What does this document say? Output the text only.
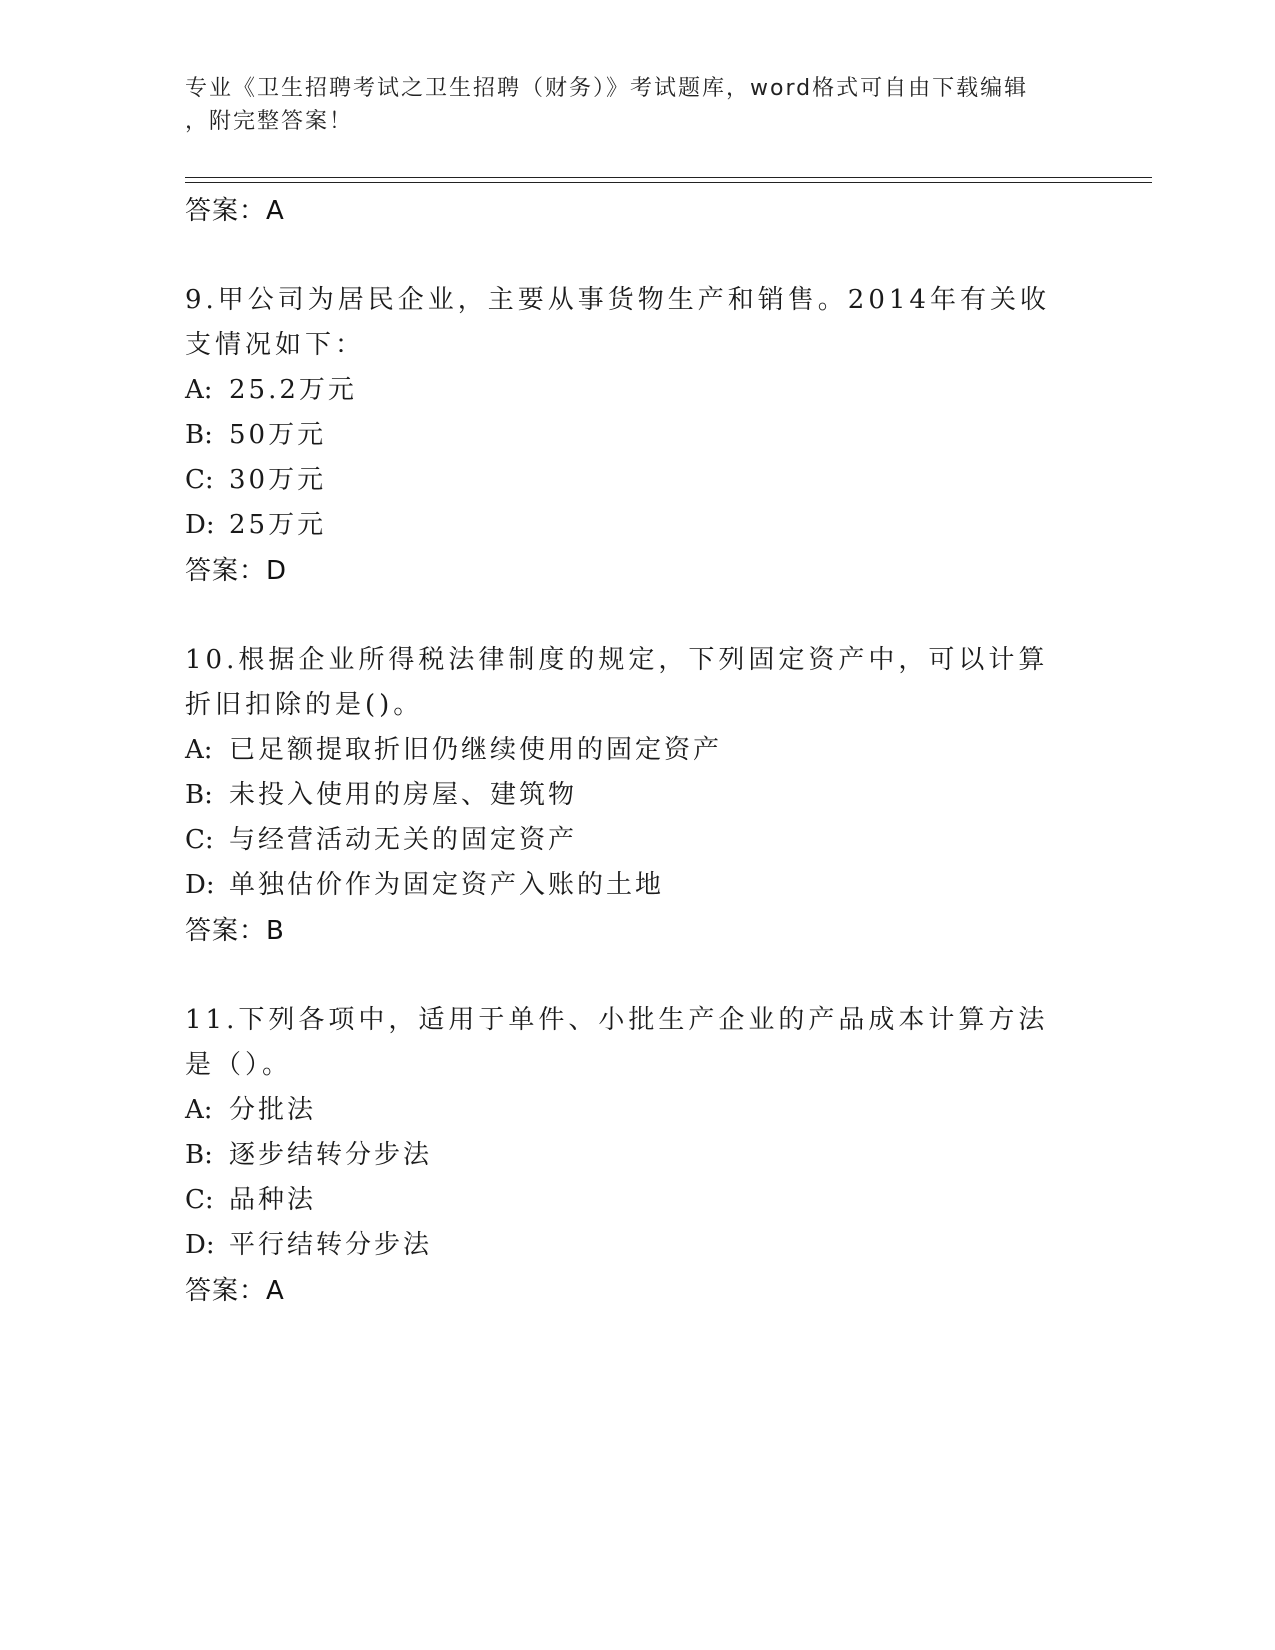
专业《卫生招聘考试之卫生招聘（财务）》考试题库，word格式可自由下载编辑
，附完整答案！
答案：A
9.甲公司为居民企业，主要从事货物生产和销售。2014年有关收支情况如下：
A: 25.2万元
B: 50万元
C: 30万元
D: 25万元
答案：D
10.根据企业所得税法律制度的规定，下列固定资产中，可以计算折旧扣除的是()。
A: 已足额提取折旧仍继续使用的固定资产
B: 未投入使用的房屋、建筑物
C: 与经营活动无关的固定资产
D: 单独估价作为固定资产入账的土地
答案：B
11.下列各项中，适用于单件、小批生产企业的产品成本计算方法是（）。
A: 分批法
B: 逐步结转分步法
C: 品种法
D: 平行结转分步法
答案：A
